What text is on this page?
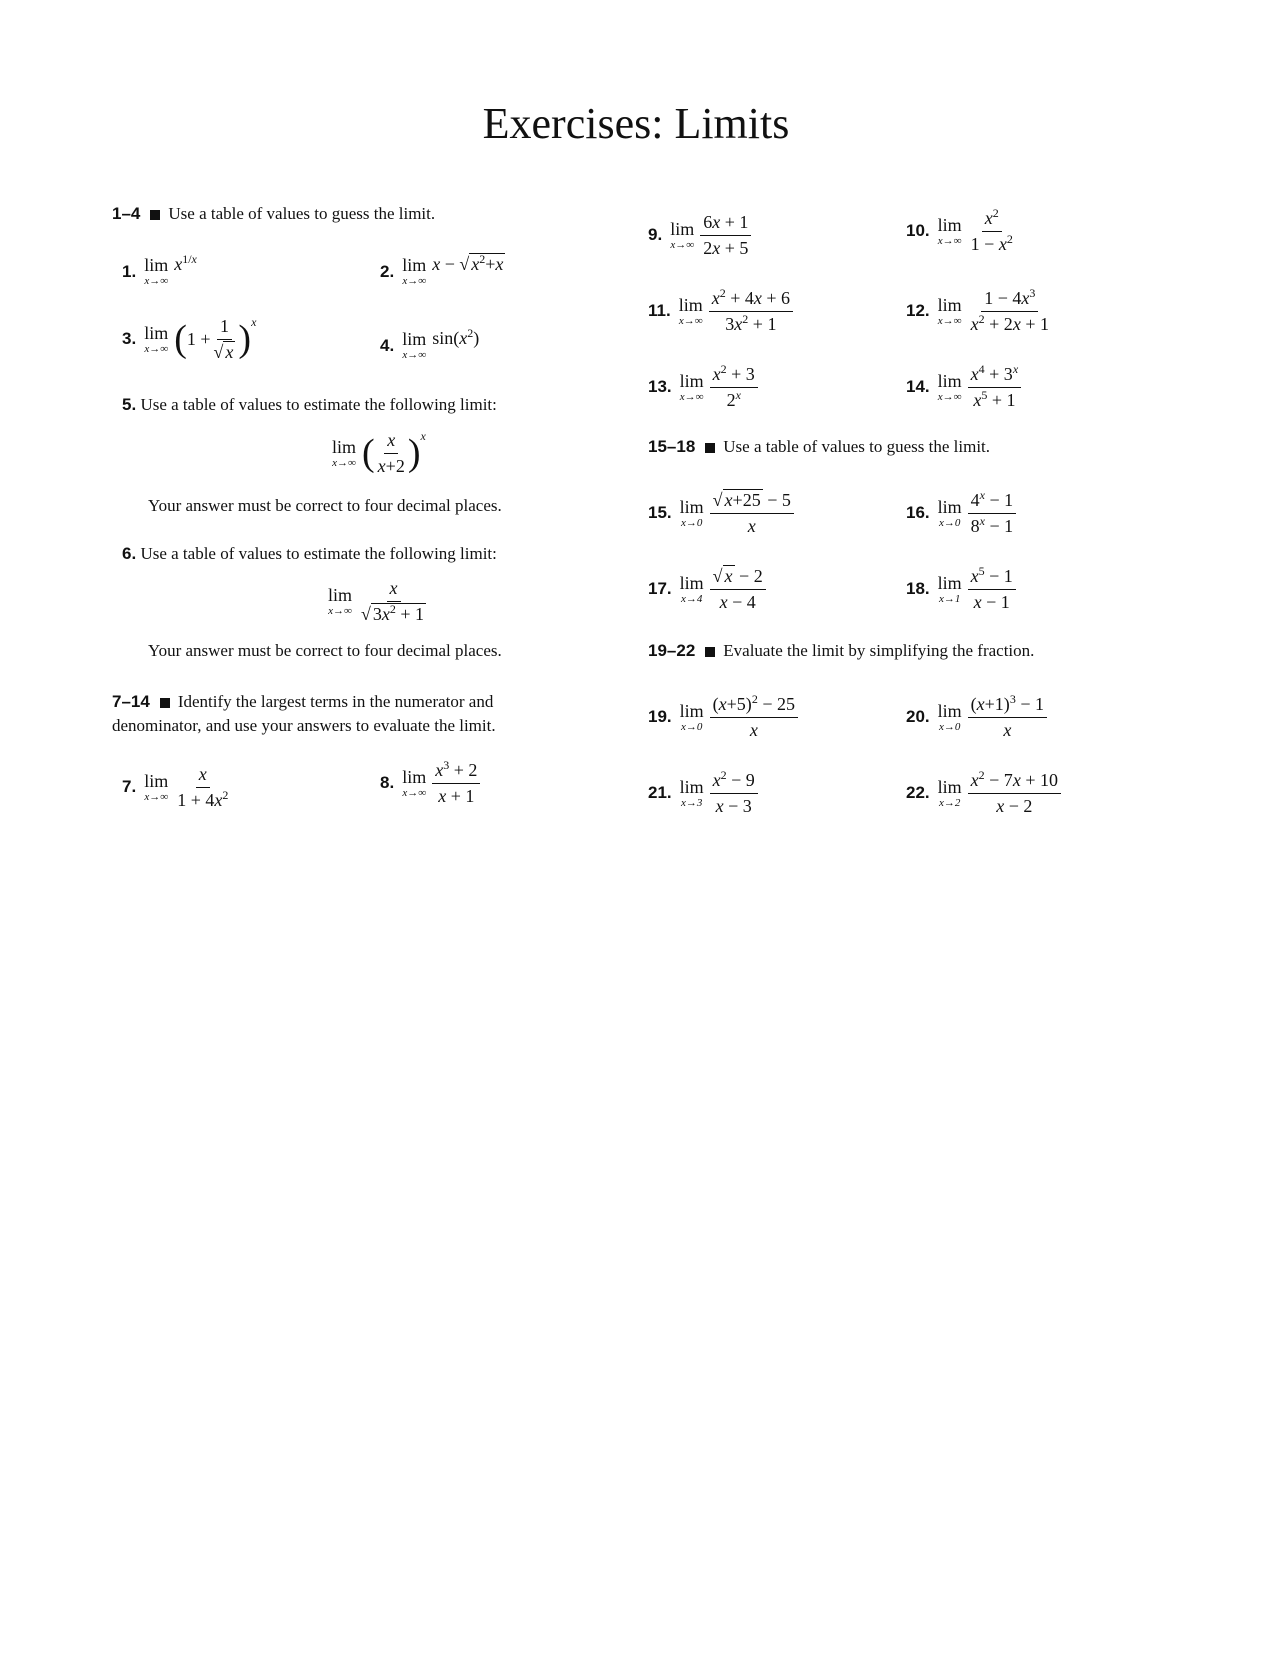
Exercises: Limits
1–4 Use a table of values to guess the limit.
1. lim
x→∞
$x^{1/x}$
2. lim
x→∞
x − √ $x^2+x$
3. lim
x→∞ ( $1 + \frac{1}{√ x}$ ) x
4. lim
x→∞
$\sin(x^2)$
5. Use a table of values to estimate the following limit:
lim
x→∞ ( $\frac{x}{x+2}$ ) x
Your answer must be correct to four decimal places.
6. Use a table of values to estimate the following limit:
lim
$x\to\infty \frac{x}{√ 3x^2 + 1}$
Your answer must be correct to four decimal places.
7–14 Identify the largest terms in the numerator and
denominator, and use your answers to evaluate the limit.
7. lim
$x\to\infty \frac{x}{1 + 4x^2}$	8. lim
$x\to\infty \frac{x^3 + 2}{x + 1}$
9. lim
$x\to\infty \frac{6x + 1}{2x + 5}$	10. lim
$x\to\infty \frac{x^2}{1 - x^2}$
11. lim
$x\to\infty \frac{x^2 + 4x + 6}{3x^2 + 1}$	12. lim
$x\to\infty \frac{1 - 4x^3}{x^2 + 2x + 1}$
13. lim
$x\to\infty \frac{x^2 + 3}{2^x}$	14. lim
$x\to\infty \frac{x^4 + 3^x}{x^5 + 1}$
15–18 Use a table of values to guess the limit.
15. lim
$x\to 0 \frac{√ x+25 - 5}{x}$	16. lim
$x\to 0 \frac{4^x - 1}{8^x - 1}$
17. lim
$x\to 4 \frac{√ x - 2}{x - 4}$	18. lim
$x\to 1 \frac{x^5 - 1}{x - 1}$
19–22 Evaluate the limit by simplifying the fraction.
19. lim
$x\to 0 \frac{(x+5)^2 - 25}{x}$	20. lim
$x\to 0 \frac{(x+1)^3 - 1}{x}$
21. lim
$x\to 3 \frac{x^2 - 9}{x - 3}$	22. lim
$x\to 2 \frac{x^2 - 7x + 10}{x - 2}$
